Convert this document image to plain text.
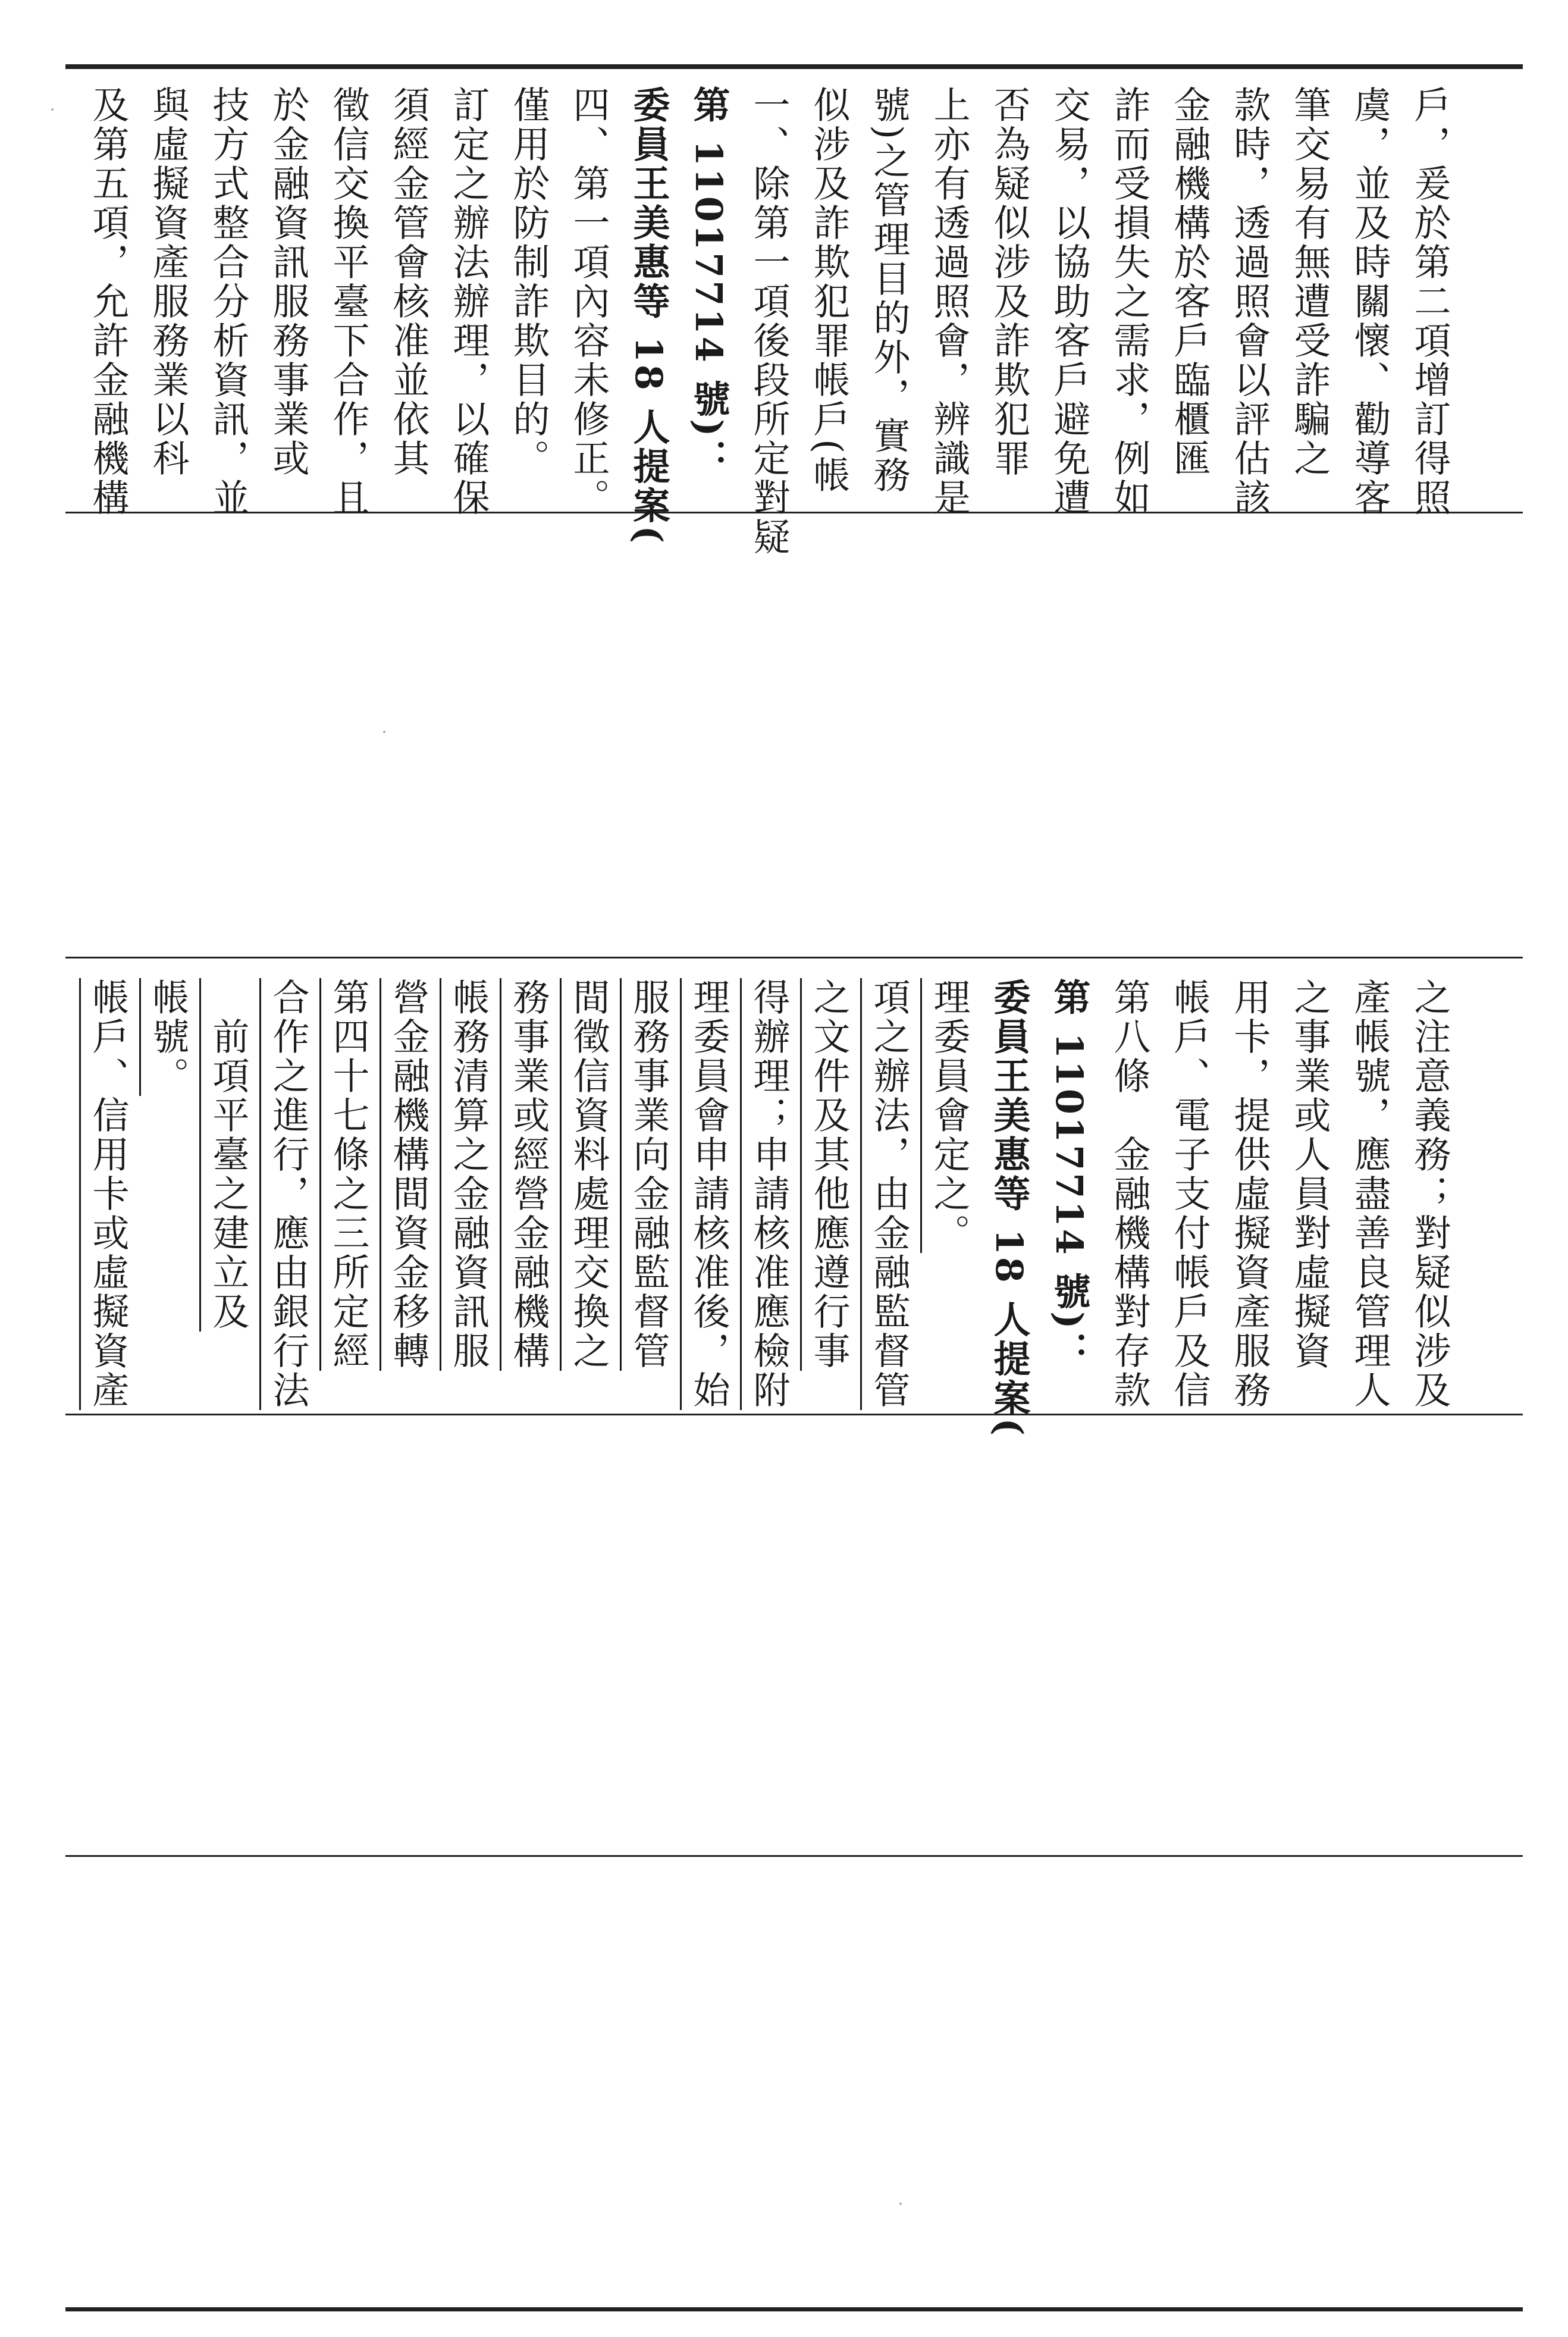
及第五項，允許金融機構 與虛擬資產服務業以科 技方式整合分析資訊，並 於金融資訊服務事業或 徵信交換平臺下合作，且 須經金管會核准並依其 訂定之辦法辦理，以確保 僅用於防制詐欺目的。 四、第一項內容未修正。 委員王美惠等 18 人提案( 第 11017714 號)： 一、除第一項後段所定對疑 似涉及詐欺犯罪帳戶(帳 號)之管理目的外，實務 上亦有透過照會，辨識是 否為疑似涉及詐欺犯罪 交易，以協助客戶避免遭 詐而受損失之需求，例如 金融機構於客戶臨櫃匯 款時，透過照會以評估該 筆交易有無遭受詐騙之 虞，並及時關懷、勸導客 戶，爰於第二項增訂得照
帳戶、信用卡或虛擬資產 帳號。 　前項平臺之建立及 合作之進行，應由銀行法 第四十七條之三所定經 營金融機構間資金移轉 帳務清算之金融資訊服 務事業或經營金融機構 間徵信資料處理交換之 服務事業向金融監督管 理委員會申請核准後，始 得辦理；申請核准應檢附 之文件及其他應遵行事 項之辦法，由金融監督管 理委員會定之。 委員王美惠等 18 人提案( 第 11017714 號)： 第八條　金融機構對存款 帳戶、電子支付帳戶及信 用卡，提供虛擬資產服務 之事業或人員對虛擬資 產帳號，應盡善良管理人 之注意義務；對疑似涉及
